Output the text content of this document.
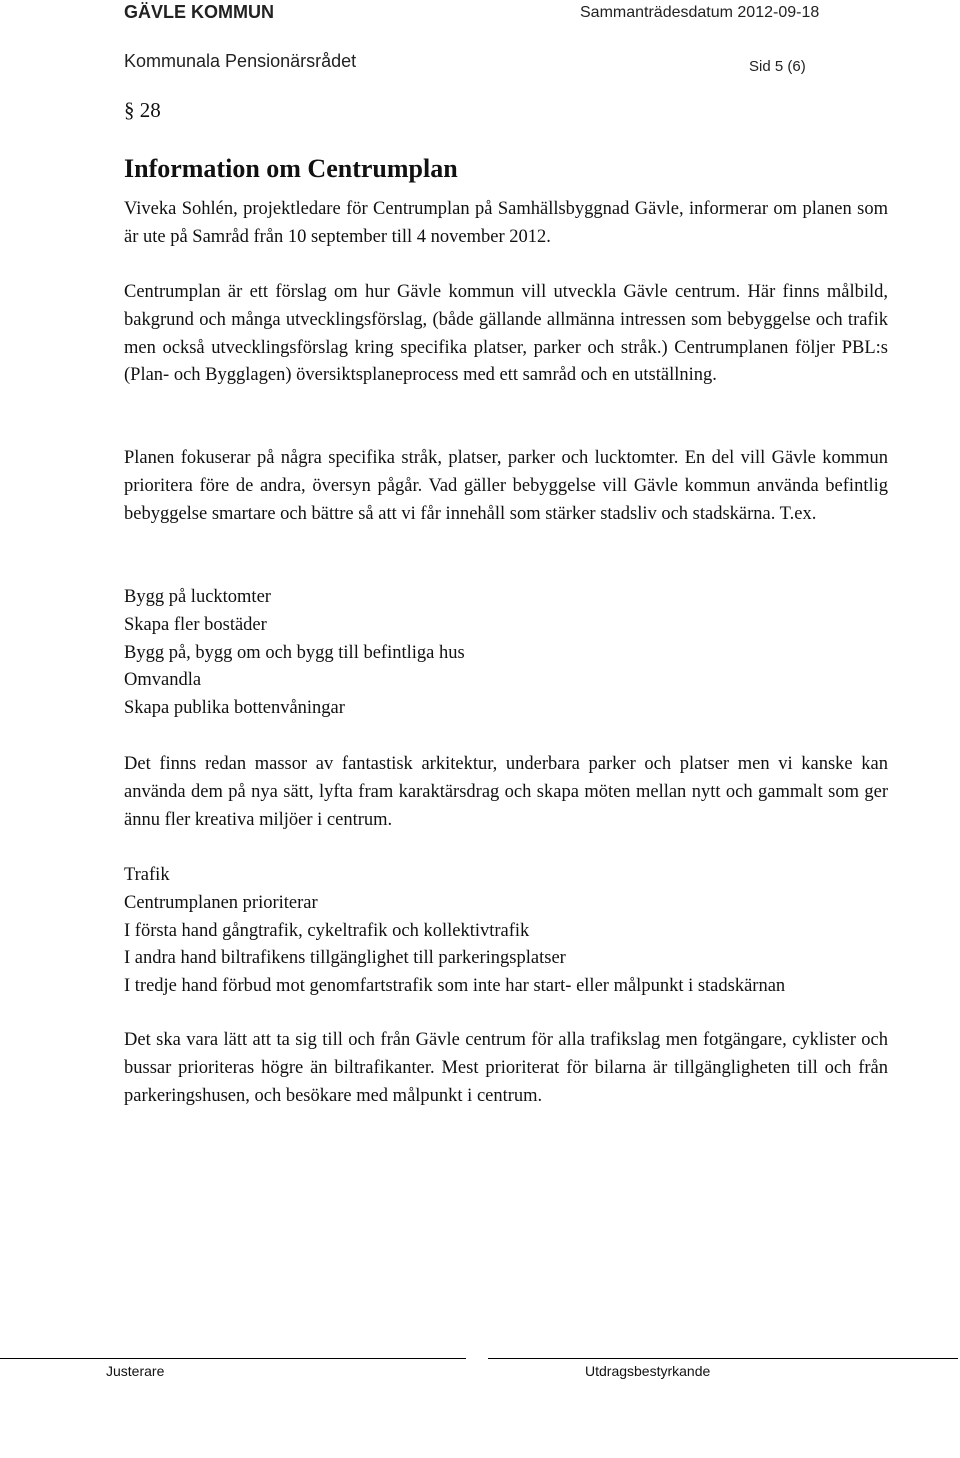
GÄVLE KOMMUN	Sammanträdesdatum 2012-09-18
Kommunala Pensionärsrådet	Sid 5 (6)
§ 28
Information om Centrumplan

Viveka Sohlén, projektledare för Centrumplan på Samhällsbyggnad Gävle, informerar om planen som är ute på Samråd från 10 september till 4 november 2012.

Centrumplan är ett förslag om hur Gävle kommun vill utveckla Gävle centrum. Här finns målbild, bakgrund och många utvecklingsförslag, (både gällande allmänna intressen som bebyggelse och trafik men också utvecklingsförslag kring specifika platser, parker och stråk.) Centrumplanen följer PBL:s (Plan- och Bygglagen) översiktsplaneprocess med ett samråd och en utställning.

Planen fokuserar på några specifika stråk, platser, parker och lucktomter. En del vill Gävle kommun prioritera före de andra, översyn pågår. Vad gäller bebyggelse vill Gävle kommun använda befintlig bebyggelse smartare och bättre så att vi får innehåll som stärker stadsliv och stadskärna. T.ex.

Bygg på lucktomter
Skapa fler bostäder
Bygg på, bygg om och bygg till befintliga hus
Omvandla
Skapa publika bottenvåningar

Det finns redan massor av fantastisk arkitektur, underbara parker och platser men vi kanske kan använda dem på nya sätt, lyfta fram karaktärsdrag och skapa möten mellan nytt och gammalt som ger ännu fler kreativa miljöer i centrum.

Trafik
Centrumplanen prioriterar
I första hand gångtrafik, cykeltrafik och kollektivtrafik
I andra hand biltrafikens tillgänglighet till parkeringsplatser
I tredje hand förbud mot genomfartstrafik som inte har start- eller målpunkt i stadskärnan

Det ska vara lätt att ta sig till och från Gävle centrum för alla trafikslag men fotgängare, cyklister och bussar prioriteras högre än biltrafikanter. Mest prioriterat för bilarna är tillgängligheten till och från parkeringshusen, och besökare med målpunkt i centrum.

Justerare	Utdragsbestyrkande
